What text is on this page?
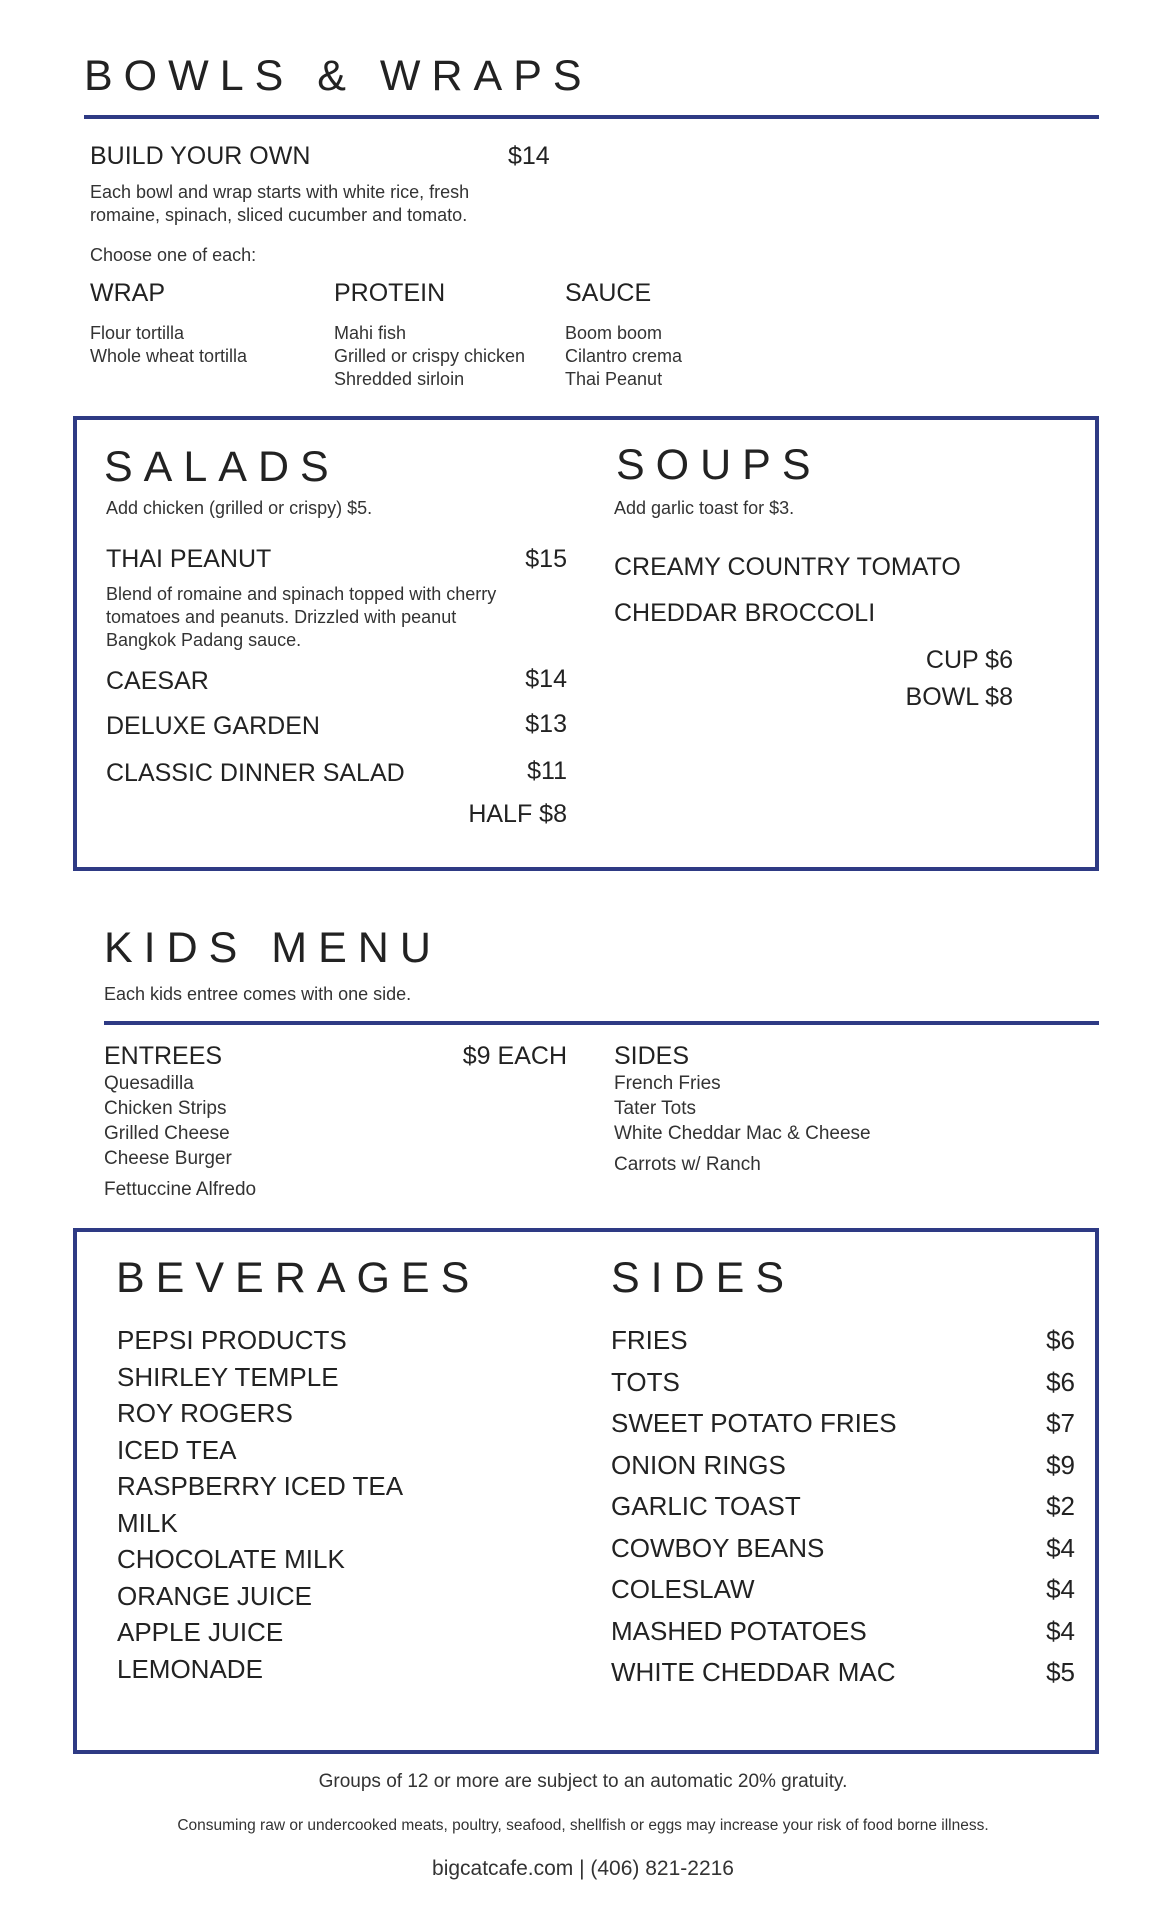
BOWLS & WRAPS
BUILD YOUR OWN	$14
Each bowl and wrap starts with white rice, fresh romaine, spinach, sliced cucumber and tomato.
Choose one of each:
WRAP
Flour tortilla
Whole wheat tortilla
PROTEIN
Mahi fish
Grilled or crispy chicken
Shredded sirloin
SAUCE
Boom boom
Cilantro crema
Thai Peanut
SALADS
Add chicken (grilled or crispy) $5.
THAI PEANUT	$15
Blend of romaine and spinach topped with cherry tomatoes and peanuts. Drizzled with peanut Bangkok Padang sauce.
CAESAR	$14
DELUXE GARDEN	$13
CLASSIC DINNER SALAD	$11
HALF $8
SOUPS
Add garlic toast for $3.
CREAMY COUNTRY TOMATO
CHEDDAR BROCCOLI
CUP $6
BOWL $8
KIDS MENU
Each kids entree comes with one side.
ENTREES	$9 EACH
Quesadilla
Chicken Strips
Grilled Cheese
Cheese Burger
Fettuccine Alfredo
SIDES
French Fries
Tater Tots
White Cheddar Mac & Cheese
Carrots w/ Ranch
BEVERAGES
PEPSI PRODUCTS
SHIRLEY TEMPLE
ROY ROGERS
ICED TEA
RASPBERRY ICED TEA
MILK
CHOCOLATE MILK
ORANGE JUICE
APPLE JUICE
LEMONADE
SIDES
FRIES	$6
TOTS	$6
SWEET POTATO FRIES	$7
ONION RINGS	$9
GARLIC TOAST	$2
COWBOY BEANS	$4
COLESLAW	$4
MASHED POTATOES	$4
WHITE CHEDDAR MAC	$5
Groups of 12 or more are subject to an automatic 20% gratuity.
Consuming raw or undercooked meats, poultry, seafood, shellfish or eggs may increase your risk of food borne illness.
bigcatcafe.com | (406) 821-2216
